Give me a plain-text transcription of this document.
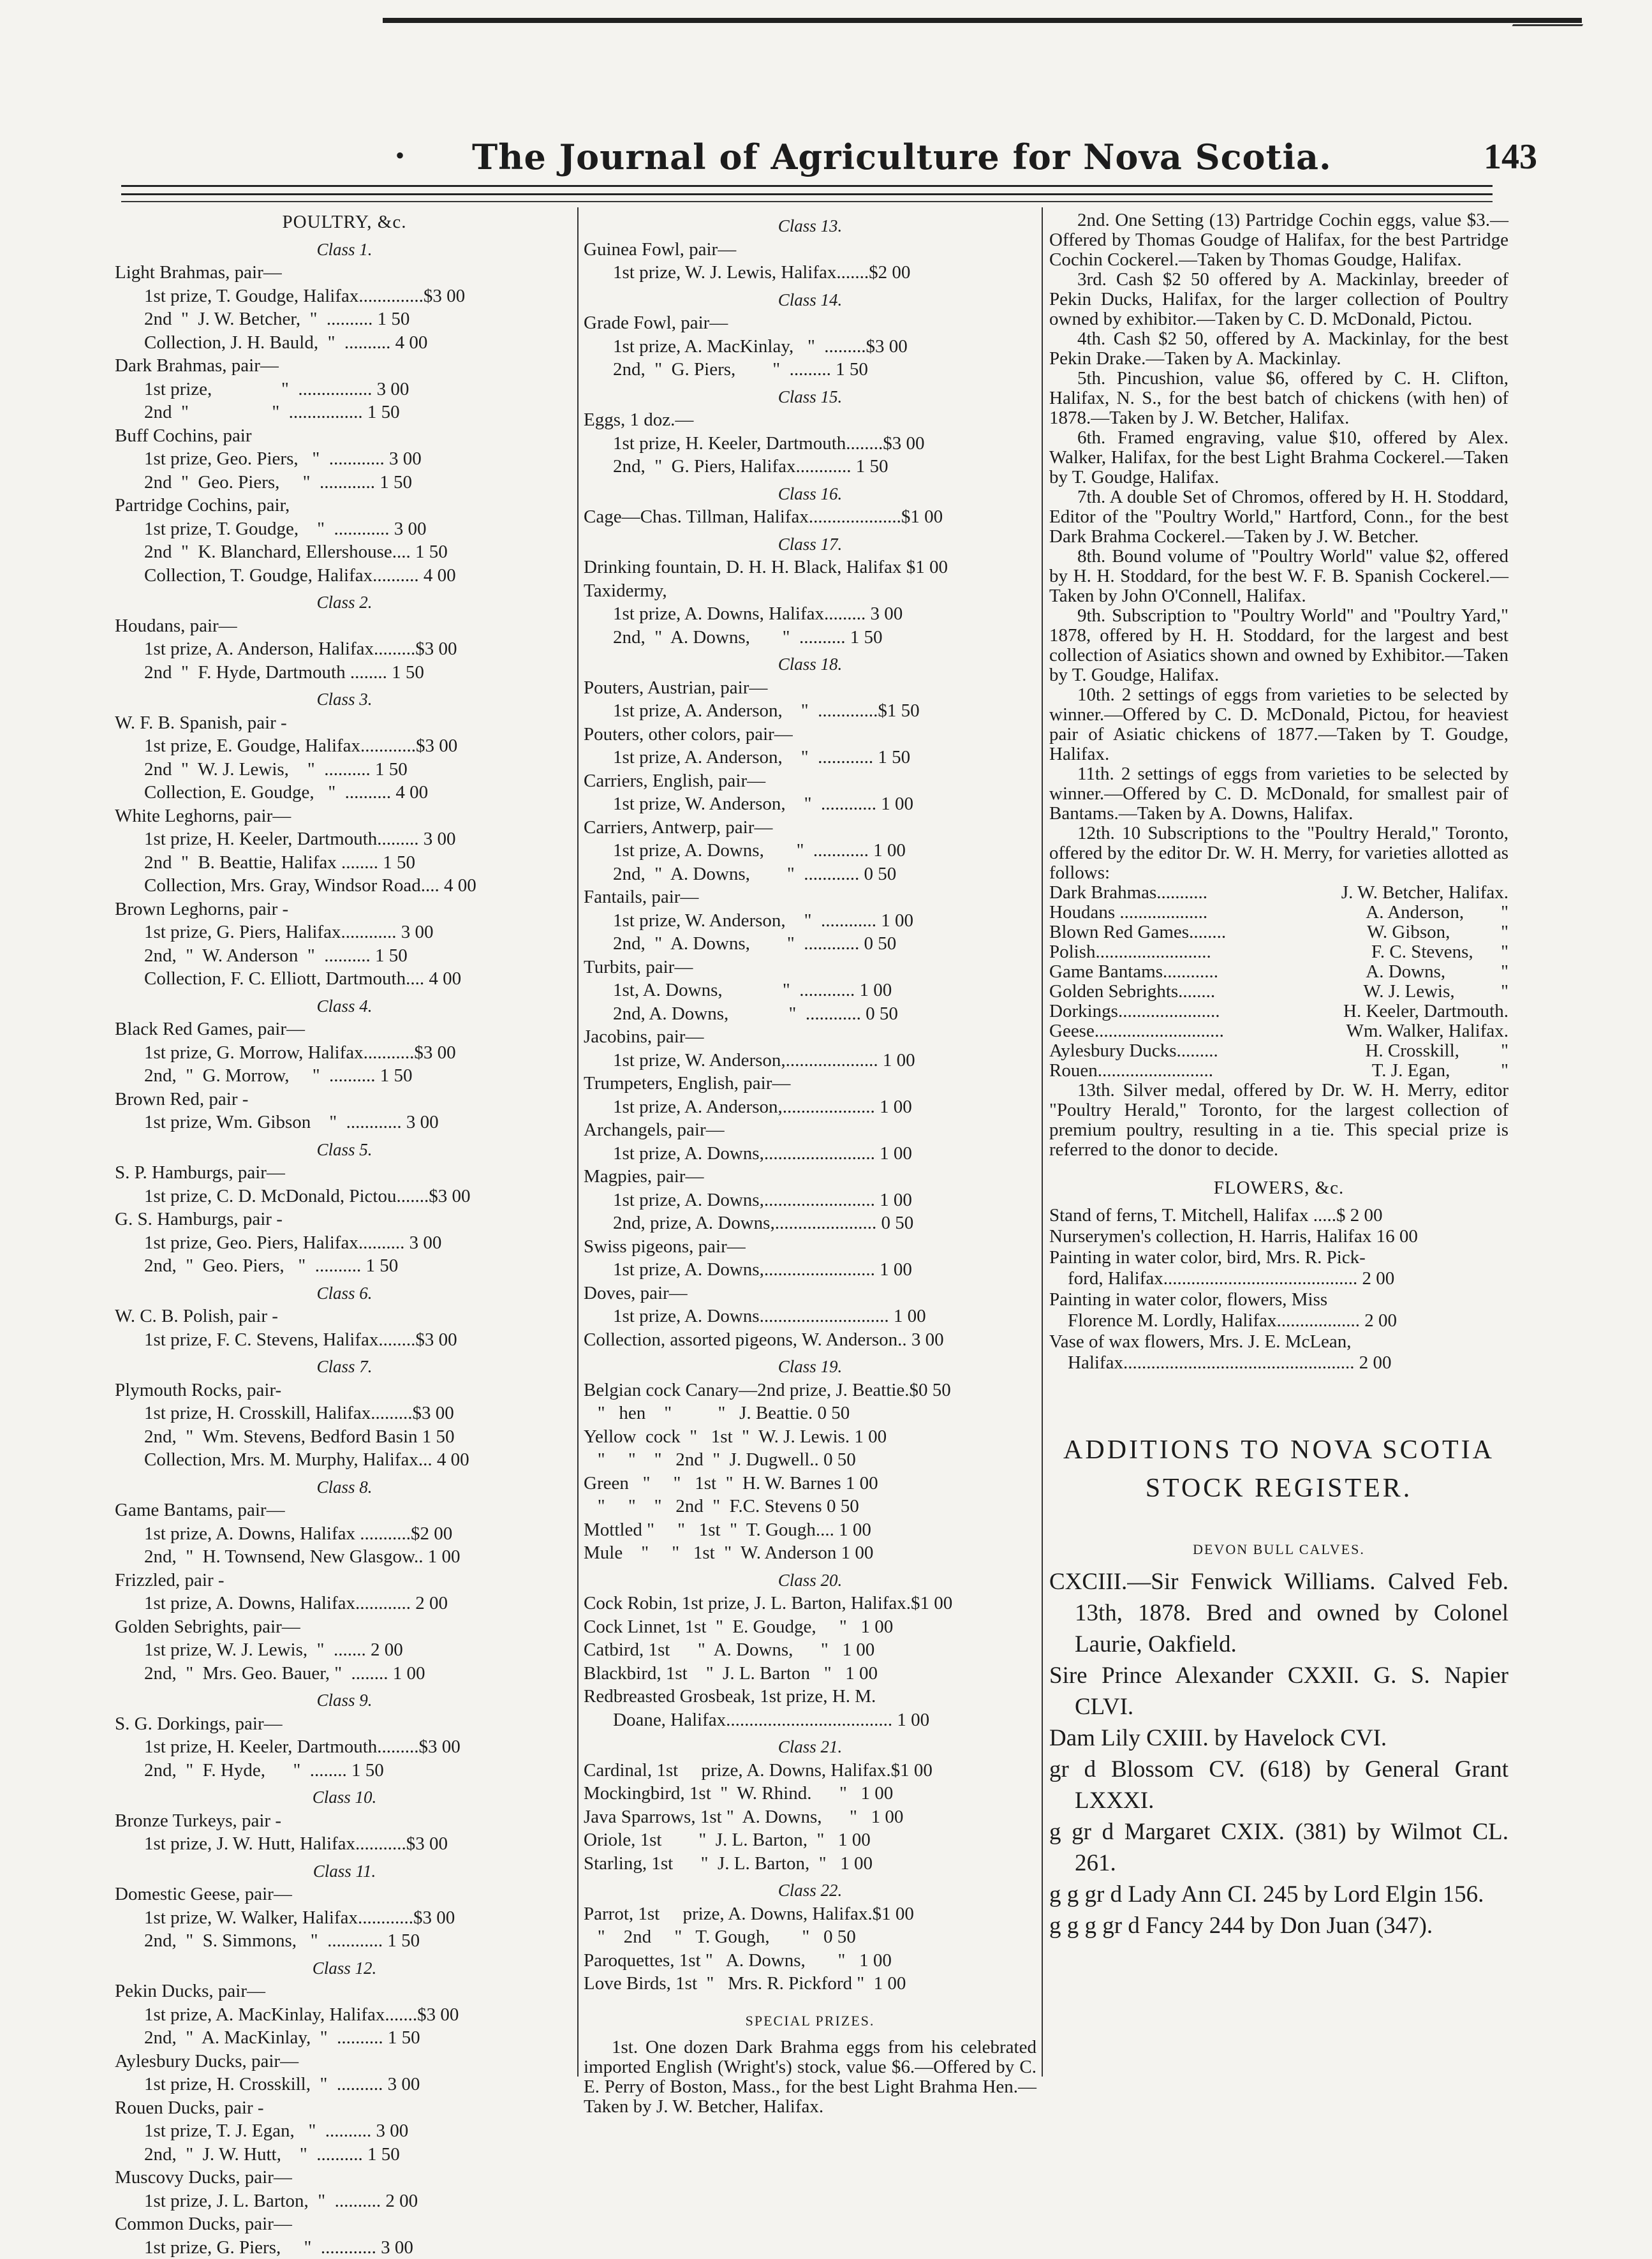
• The Journal of Agriculture for Nova Scotia.	143
POULTRY, &c.
Class 1.
Light Brahmas, pair—
1st prize, T. Goudge, Halifax..............$3 00
2nd  "  J. W. Betcher,  "  .......... 1 50
Collection, J. H. Bauld,  "  .......... 4 00
Dark Brahmas, pair—
1st prize,               "  ................ 3 00
2nd  "                  "  ................ 1 50
Buff Cochins, pair
1st prize, Geo. Piers,   "  ............ 3 00
2nd  "  Geo. Piers,     "  ............ 1 50
Partridge Cochins, pair,
1st prize, T. Goudge,    "  ............ 3 00
2nd  "  K. Blanchard, Ellershouse.... 1 50
Collection, T. Goudge, Halifax.......... 4 00
Class 2.
Houdans, pair—
1st prize, A. Anderson, Halifax.........$3 00
2nd  "  F. Hyde, Dartmouth ........ 1 50
Class 3.
W. F. B. Spanish, pair -
1st prize, E. Goudge, Halifax............$3 00
2nd  "  W. J. Lewis,    "  .......... 1 50
Collection, E. Goudge,   "  .......... 4 00
White Leghorns, pair—
1st prize, H. Keeler, Dartmouth......... 3 00
2nd  "  B. Beattie, Halifax ........ 1 50
Collection, Mrs. Gray, Windsor Road.... 4 00
Brown Leghorns, pair -
1st prize, G. Piers, Halifax............ 3 00
2nd,  "  W. Anderson  "  .......... 1 50
Collection, F. C. Elliott, Dartmouth.... 4 00
Class 4.
Black Red Games, pair—
1st prize, G. Morrow, Halifax...........$3 00
2nd,  "  G. Morrow,     "  .......... 1 50
Brown Red, pair -
1st prize, Wm. Gibson    "  ............ 3 00
Class 5.
S. P. Hamburgs, pair—
1st prize, C. D. McDonald, Pictou.......$3 00
G. S. Hamburgs, pair -
1st prize, Geo. Piers, Halifax.......... 3 00
2nd,  "  Geo. Piers,   "  .......... 1 50
Class 6.
W. C. B. Polish, pair -
1st prize, F. C. Stevens, Halifax........$3 00
Class 7.
Plymouth Rocks, pair-
1st prize, H. Crosskill, Halifax.........$3 00
2nd,  "  Wm. Stevens, Bedford Basin 1 50
Collection, Mrs. M. Murphy, Halifax... 4 00
Class 8.
Game Bantams, pair—
1st prize, A. Downs, Halifax ...........$2 00
2nd,  "  H. Townsend, New Glasgow.. 1 00
Frizzled, pair -
1st prize, A. Downs, Halifax............ 2 00
Golden Sebrights, pair—
1st prize, W. J. Lewis,  "  ....... 2 00
2nd,  "  Mrs. Geo. Bauer, "  ........ 1 00
Class 9.
S. G. Dorkings, pair—
1st prize, H. Keeler, Dartmouth.........$3 00
2nd,  "  F. Hyde,      "  ........ 1 50
Class 10.
Bronze Turkeys, pair -
1st prize, J. W. Hutt, Halifax...........$3 00
Class 11.
Domestic Geese, pair—
1st prize, W. Walker, Halifax............$3 00
2nd,  "  S. Simmons,   "  ............ 1 50
Class 12.
Pekin Ducks, pair—
1st prize, A. MacKinlay, Halifax.......$3 00
2nd,  "  A. MacKinlay,  "  .......... 1 50
Aylesbury Ducks, pair—
1st prize, H. Crosskill,  "  .......... 3 00
Rouen Ducks, pair -
1st prize, T. J. Egan,   "  .......... 3 00
2nd,  "  J. W. Hutt,    "  .......... 1 50
Muscovy Ducks, pair—
1st prize, J. L. Barton,  "  .......... 2 00
Common Ducks, pair—
1st prize, G. Piers,     "  ............ 3 00
Class 13.
Guinea Fowl, pair—
1st prize, W. J. Lewis, Halifax.......$2 00
Class 14.
Grade Fowl, pair—
1st prize, A. MacKinlay,   "  .........$3 00
2nd,  "  G. Piers,        "  ......... 1 50
Class 15.
Eggs, 1 doz.—
1st prize, H. Keeler, Dartmouth........$3 00
2nd,  "  G. Piers, Halifax............ 1 50
Class 16.
Cage—Chas. Tillman, Halifax....................$1 00
Class 17.
Drinking fountain, D. H. H. Black, Halifax $1 00
Taxidermy,
1st prize, A. Downs, Halifax......... 3 00
2nd,  "  A. Downs,       "  .......... 1 50
Class 18.
Pouters, Austrian, pair—
1st prize, A. Anderson,    "  .............$1 50
Pouters, other colors, pair—
1st prize, A. Anderson,    "  ............ 1 50
Carriers, English, pair—
1st prize, W. Anderson,    "  ............ 1 00
Carriers, Antwerp, pair—
1st prize, A. Downs,       "  ............ 1 00
2nd,  "  A. Downs,        "  ............ 0 50
Fantails, pair—
1st prize, W. Anderson,    "  ............ 1 00
2nd,  "  A. Downs,        "  ............ 0 50
Turbits, pair—
1st, A. Downs,             "  ............ 1 00
2nd, A. Downs,             "  ............ 0 50
Jacobins, pair—
1st prize, W. Anderson,.................... 1 00
Trumpeters, English, pair—
1st prize, A. Anderson,.................... 1 00
Archangels, pair—
1st prize, A. Downs,........................ 1 00
Magpies, pair—
1st prize, A. Downs,........................ 1 00
2nd, prize, A. Downs,...................... 0 50
Swiss pigeons, pair—
1st prize, A. Downs,........................ 1 00
Doves, pair—
1st prize, A. Downs............................ 1 00
Collection, assorted pigeons, W. Anderson.. 3 00
Class 19.
Belgian cock Canary—2nd prize, J. Beattie.$0 50
"   hen    "          "   J. Beattie. 0 50
Yellow  cock  "   1st  "  W. J. Lewis. 1 00
"     "    "   2nd  "  J. Dugwell.. 0 50
Green   "     "   1st  "  H. W. Barnes 1 00
"     "    "   2nd  "  F.C. Stevens 0 50
Mottled "     "   1st  "  T. Gough.... 1 00
Mule    "     "   1st  "  W. Anderson 1 00
Class 20.
Cock Robin, 1st prize, J. L. Barton, Halifax.$1 00
Cock Linnet, 1st  "  E. Goudge,     "   1 00
Catbird, 1st      "  A. Downs,      "   1 00
Blackbird, 1st    "  J. L. Barton   "   1 00
Redbreasted Grosbeak, 1st prize, H. M.
Doane, Halifax.................................... 1 00
Class 21.
Cardinal, 1st     prize, A. Downs, Halifax.$1 00
Mockingbird, 1st  "  W. Rhind.      "   1 00
Java Sparrows, 1st "  A. Downs,      "   1 00
Oriole, 1st        "  J. L. Barton,  "   1 00
Starling, 1st      "  J. L. Barton,  "   1 00
Class 22.
Parrot, 1st     prize, A. Downs, Halifax.$1 00
"    2nd     "   T. Gough,       "   0 50
Paroquettes, 1st "   A. Downs,       "   1 00
Love Birds, 1st  "   Mrs. R. Pickford "  1 00
SPECIAL PRIZES.
1st. One dozen Dark Brahma eggs from his celebrated imported English (Wright's) stock, value $6.—Offered by C. E. Perry of Boston, Mass., for the best Light Brahma Hen.—Taken by J. W. Betcher, Halifax.
2nd. One Setting (13) Partridge Cochin eggs, value $3.—Offered by Thomas Goudge of Halifax, for the best Partridge Cochin Cockerel.—Taken by Thomas Goudge, Halifax.
3rd. Cash $2 50 offered by A. Mackinlay, breeder of Pekin Ducks, Halifax, for the larger collection of Poultry owned by exhibitor.—Taken by C. D. McDonald, Pictou.
4th. Cash $2 50, offered by A. Mackinlay, for the best Pekin Drake.—Taken by A. Mackinlay.
5th. Pincushion, value $6, offered by C. H. Clifton, Halifax, N. S., for the best batch of chickens (with hen) of 1878.—Taken by J. W. Betcher, Halifax.
6th. Framed engraving, value $10, offered by Alex. Walker, Halifax, for the best Light Brahma Cockerel.—Taken by T. Goudge, Halifax.
7th. A double Set of Chromos, offered by H. H. Stoddard, Editor of the "Poultry World," Hartford, Conn., for the best Dark Brahma Cockerel.—Taken by J. W. Betcher.
8th. Bound volume of "Poultry World" value $2, offered by H. H. Stoddard, for the best W. F. B. Spanish Cockerel.—Taken by John O'Connell, Halifax.
9th. Subscription to "Poultry World" and "Poultry Yard," 1878, offered by H. H. Stoddard, for the largest and best collection of Asiatics shown and owned by Exhibitor.—Taken by T. Goudge, Halifax.
10th. 2 settings of eggs from varieties to be selected by winner.—Offered by C. D. McDonald, Pictou, for heaviest pair of Asiatic chickens of 1877.—Taken by T. Goudge, Halifax.
11th. 2 settings of eggs from varieties to be selected by winner.—Offered by C. D. McDonald, for smallest pair of Bantams.—Taken by A. Downs, Halifax.
12th. 10 Subscriptions to the "Poultry Herald," Toronto, offered by the editor Dr. W. H. Merry, for varieties allotted as follows:
Dark Brahmas...........	J. W. Betcher, Halifax.
Houdans ...................	A. Anderson,        "
Blown Red Games........	W. Gibson,           "
Polish.........................	F. C. Stevens,      "
Game Bantams............	A. Downs,            "
Golden Sebrights........	W. J. Lewis,          "
Dorkings......................	H. Keeler, Dartmouth.
Geese............................	Wm. Walker, Halifax.
Aylesbury Ducks.........	H. Crosskill,         "
Rouen.........................	T. J. Egan,           "
13th. Silver medal, offered by Dr. W. H. Merry, editor "Poultry Herald," Toronto, for the largest collection of premium poultry, resulting in a tie. This special prize is referred to the donor to decide.
FLOWERS, &c.
Stand of ferns, T. Mitchell, Halifax .....$ 2 00
Nurserymen's collection, H. Harris, Halifax 16 00
Painting in water color, bird, Mrs. R. Pick-
ford, Halifax.......................................... 2 00
Painting in water color, flowers, Miss
Florence M. Lordly, Halifax.................. 2 00
Vase of wax flowers, Mrs. J. E. McLean,
Halifax.................................................. 2 00
ADDITIONS TO NOVA SCOTIA
STOCK REGISTER.
DEVON BULL CALVES.
CXCIII.—Sir Fenwick Williams. Calved Feb. 13th, 1878. Bred and owned by Colonel Laurie, Oakfield.
Sire Prince Alexander CXXII. G. S. Napier CLVI.
Dam Lily CXIII. by Havelock CVI.
gr d Blossom CV. (618) by General Grant LXXXI.
g gr d Margaret CXIX. (381) by Wilmot CL. 261.
g g gr d Lady Ann CI. 245 by Lord Elgin 156.
g g g gr d Fancy 244 by Don Juan (347).
